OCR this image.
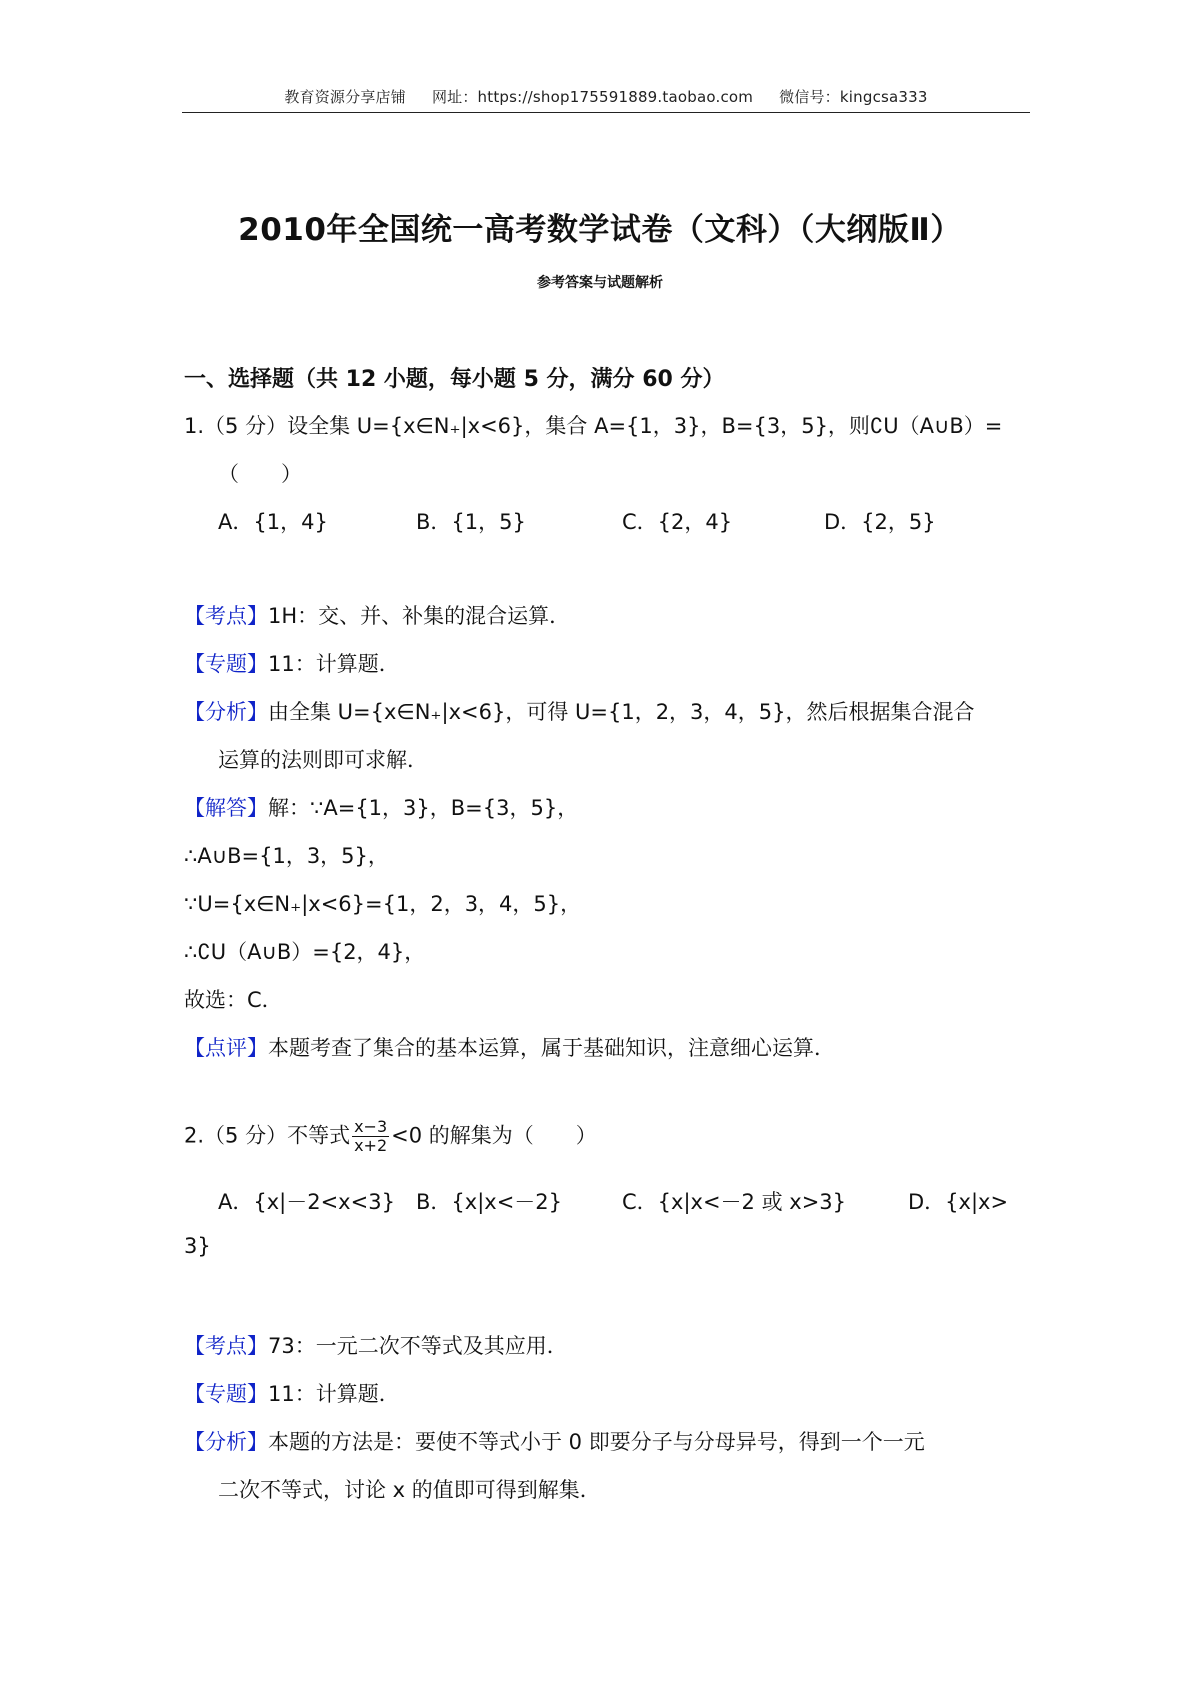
教育资源分享店铺 网址：https://shop175591889.taobao.com 微信号：kingcsa333
2010年全国统一高考数学试卷（文科）（大纲版Ⅱ）
参考答案与试题解析
一、选择题（共 12 小题，每小题 5 分，满分 60 分）
1.（5 分）设全集 U={x∈N₊|x<6}，集合 A={1，3}，B={3，5}，则∁U（A∪B）=
（　　）
A．{1，4}	B．{1，5}	C．{2，4}	D．{2，5}
【考点】1H：交、并、补集的混合运算．
【专题】11：计算题．
【分析】由全集 U={x∈N₊|x<6}，可得 U={1，2，3，4，5}，然后根据集合混合
运算的法则即可求解．
【解答】解：∵A={1，3}，B={3，5}，
∴A∪B={1，3，5}，
∵U={x∈N₊|x<6}={1，2，3，4，5}，
∴∁U（A∪B）={2，4}，
故选：C．
【点评】本题考查了集合的基本运算，属于基础知识，注意细心运算．
2.（5 分）不等式 $\frac{x-3}{x+2} <0$ 的解集为（　　）
A．{x|－2<x<3} B．{x|x<－2}	C．{x|x<－2 或 x>3}	D．{x|x>
3}
【考点】73：一元二次不等式及其应用．
【专题】11：计算题．
【分析】本题的方法是：要使不等式小于 0 即要分子与分母异号，得到一个一元
二次不等式，讨论 x 的值即可得到解集．
